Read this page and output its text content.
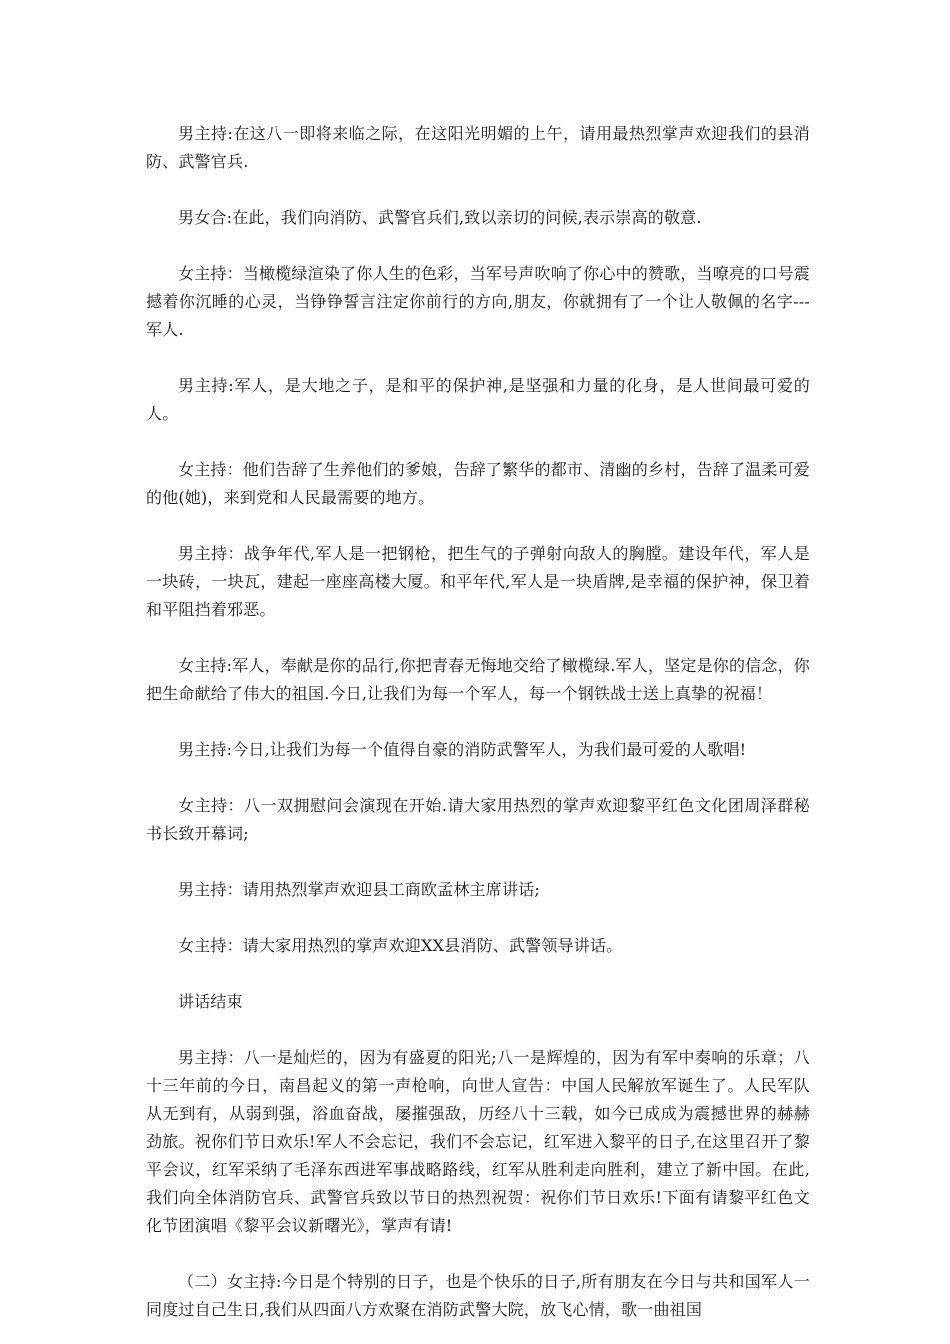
男主持:在这八一即将来临之际，在这阳光明媚的上午，请用最热烈掌声欢迎我们的县消防、武警官兵.

男女合:在此，我们向消防、武警官兵们,致以亲切的问候,表示崇高的敬意.

女主持：当橄榄绿渲染了你人生的色彩，当军号声吹响了你心中的赞歌，当嘹亮的口号震撼着你沉睡的心灵，当铮铮誓言注定你前行的方向,朋友，你就拥有了一个让人敬佩的名字---军人.

男主持:军人，是大地之子，是和平的保护神,是坚强和力量的化身，是人世间最可爱的人。

女主持：他们告辞了生养他们的爹娘，告辞了繁华的都市、清幽的乡村，告辞了温柔可爱的他(她)，来到党和人民最需要的地方。

男主持：战争年代,军人是一把钢枪，把生气的子弹射向敌人的胸膛。建设年代，军人是一块砖，一块瓦，建起一座座高楼大厦。和平年代,军人是一块盾牌,是幸福的保护神，保卫着和平阻挡着邪恶。

女主持:军人，奉献是你的品行,你把青春无悔地交给了橄榄绿.军人，坚定是你的信念，你把生命献给了伟大的祖国.今日,让我们为每一个军人，每一个钢铁战士送上真挚的祝福！

男主持:今日,让我们为每一个值得自豪的消防武警军人，为我们最可爱的人歌唱!

女主持：八一双拥慰问会演现在开始.请大家用热烈的掌声欢迎黎平红色文化团周泽群秘书长致开幕词;

男主持：请用热烈掌声欢迎县工商欧孟林主席讲话;

女主持：请大家用热烈的掌声欢迎XX县消防、武警领导讲话。

讲话结束

男主持：八一是灿烂的，因为有盛夏的阳光;八一是辉煌的，因为有军中奏响的乐章；八十三年前的今日，南昌起义的第一声枪响，向世人宣告：中国人民解放军诞生了。人民军队从无到有，从弱到强，浴血奋战，屡摧强敌，历经八十三载，如今已成成为震撼世界的赫赫劲旅。祝你们节日欢乐!军人不会忘记，我们不会忘记，红军进入黎平的日子,在这里召开了黎平会议，红军采纳了毛泽东西进军事战略路线，红军从胜利走向胜利，建立了新中国。在此,我们向全体消防官兵、武警官兵致以节日的热烈祝贺：祝你们节日欢乐!下面有请黎平红色文化节团演唱《黎平会议新曙光》，掌声有请!

（二）女主持:今日是个特别的日子，也是个快乐的日子,所有朋友在今日与共和国军人一同度过自己生日,我们从四面八方欢聚在消防武警大院，放飞心情，歌一曲祖国
